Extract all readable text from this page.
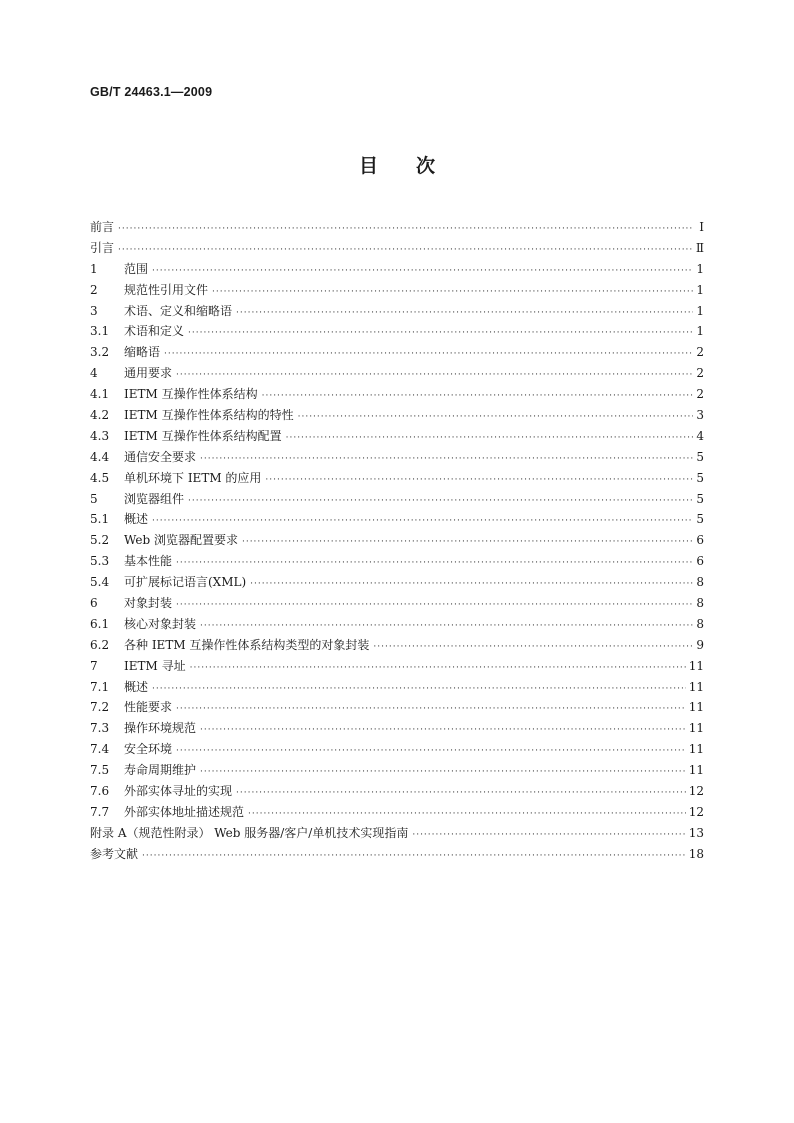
GB/T 24463.1—2009
目次
前言 ·····	Ⅰ
引言 ·····	Ⅱ
1	范围 ·····	1
2	规范性引用文件 ·····	1
3	术语、定义和缩略语 ·····	1
3.1	术语和定义 ·····	1
3.2	缩略语 ·····	2
4	通用要求 ·····	2
4.1	IETM 互操作性体系结构 ·····	2
4.2	IETM 互操作性体系结构的特性 ·····	3
4.3	IETM 互操作性体系结构配置 ·····	4
4.4	通信安全要求 ·····	5
4.5	单机环境下 IETM 的应用 ·····	5
5	浏览器组件 ·····	5
5.1	概述 ·····	5
5.2	Web 浏览器配置要求 ·····	6
5.3	基本性能 ·····	6
5.4	可扩展标记语言(XML) ·····	8
6	对象封装 ·····	8
6.1	核心对象封装 ·····	8
6.2	各种 IETM 互操作性体系结构类型的对象封装 ·····	9
7	IETM 寻址 ·····	11
7.1	概述 ·····	11
7.2	性能要求 ·····	11
7.3	操作环境规范 ·····	11
7.4	安全环境 ·····	11
7.5	寿命周期维护 ·····	11
7.6	外部实体寻址的实现 ·····	12
7.7	外部实体地址描述规范 ·····	12
附录 A（规范性附录） Web 服务器/客户/单机技术实现指南 ·····	13
参考文献 ·····	18
